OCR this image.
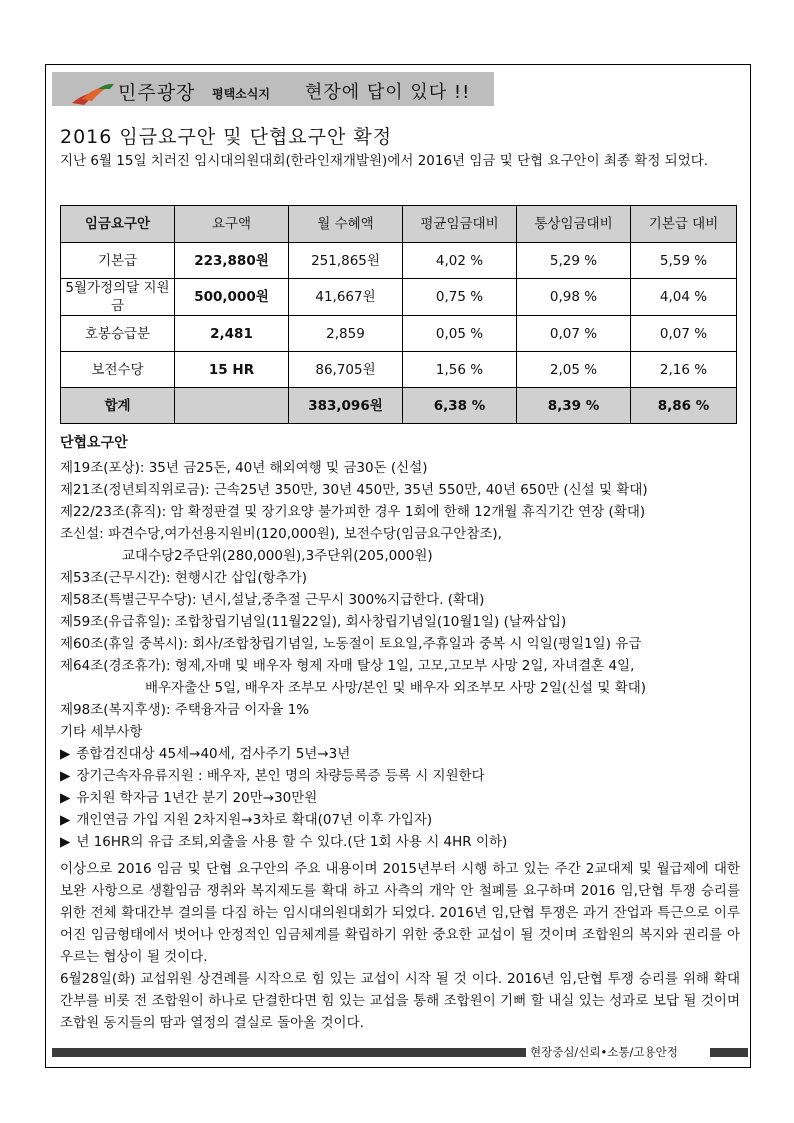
민주광장 평택소식지 현장에 답이 있다 !!
2016 임금요구안 및 단협요구안 확정
지난 6월 15일 치러진 임시대의원대회(한라인재개발원)에서 2016년 임금 및 단협 요구안이 최종 확정 되었다.
임금요구안	요구액	월 수혜액	평균임금대비	통상임금대비	기본급 대비
기본급	223,880원	251,865원	4,02 %	5,29 %	5,59 %
5월가정의달 지원금	500,000원	41,667원	0,75 %	0,98 %	4,04 %
호봉승급분	2,481	2,859	0,05 %	0,07 %	0,07 %
보전수당	15 HR	86,705원	1,56 %	2,05 %	2,16 %
합계		383,096원	6,38 %	8,39 %	8,86 %
단협요구안
제19조(포상): 35년 금25돈, 40년 해외여행 및 금30돈 (신설)
제21조(정년퇴직위로금): 근속25년 350만, 30년 450만, 35년 550만, 40년 650만 (신설 및 확대)
제22/23조(휴직): 암 확정판결 및 장기요양 불가피한 경우 1회에 한해 12개월 휴직기간 연장 (확대)
조신설: 파견수당,여가선용지원비(120,000원), 보전수당(임금요구안참조),
교대수당2주단위(280,000원),3주단위(205,000원)
제53조(근무시간): 현행시간 삽입(항추가)
제58조(특별근무수당): 년시,설날,중추절 근무시 300%지급한다. (확대)
제59조(유급휴일): 조합창립기념일(11월22일), 회사창립기념일(10월1일) (날짜삽입)
제60조(휴일 중복시): 회사/조합창립기념일, 노동절이 토요일,주휴일과 중복 시 익일(평일1일) 유급
제64조(경조휴가): 형제,자매 및 배우자 형제 자매 탈상 1일, 고모,고모부 사망 2일, 자녀결혼 4일,
배우자출산 5일, 배우자 조부모 사망/본인 및 배우자 외조부모 사망 2일(신설 및 확대)
제98조(복지후생): 주택융자금 이자율 1%
기타 세부사항
▶ 종합검진대상 45세→40세, 검사주기 5년→3년
▶ 장기근속자유류지원 : 배우자, 본인 명의 차량등록증 등록 시 지원한다
▶ 유치원 학자금 1년간 분기 20만→30만원
▶ 개인연금 가입 지원 2차지원→3차로 확대(07년 이후 가입자)
▶ 년 16HR의 유급 조퇴,외출을 사용 할 수 있다.(단 1회 사용 시 4HR 이하)
이상으로 2016 임금 및 단협 요구안의 주요 내용이며 2015년부터 시행 하고 있는 주간 2교대제 및 월급제에 대한 보완 사항으로 생활임금 쟁취와 복지제도를 확대 하고 사측의 개악 안 철폐를 요구하며 2016 임,단협 투쟁 승리를 위한 전체 확대간부 결의를 다짐 하는 임시대의원대회가 되었다. 2016년 임,단협 투쟁은 과거 잔업과 특근으로 이루어진 임금형태에서 벗어나 안정적인 임금체계를 확립하기 위한 중요한 교섭이 될 것이며 조합원의 복지와 권리를 아우르는 협상이 될 것이다.
6월28일(화) 교섭위원 상견례를 시작으로 힘 있는 교섭이 시작 될 것 이다. 2016년 임,단협 투쟁 승리를 위해 확대 간부를 비롯 전 조합원이 하나로 단결한다면 힘 있는 교섭을 통해 조합원이 기뻐 할 내실 있는 성과로 보답 될 것이며 조합원 동지들의 땀과 열정의 결실로 돌아올 것이다.
현장중심/신뢰•소통/고용안정
